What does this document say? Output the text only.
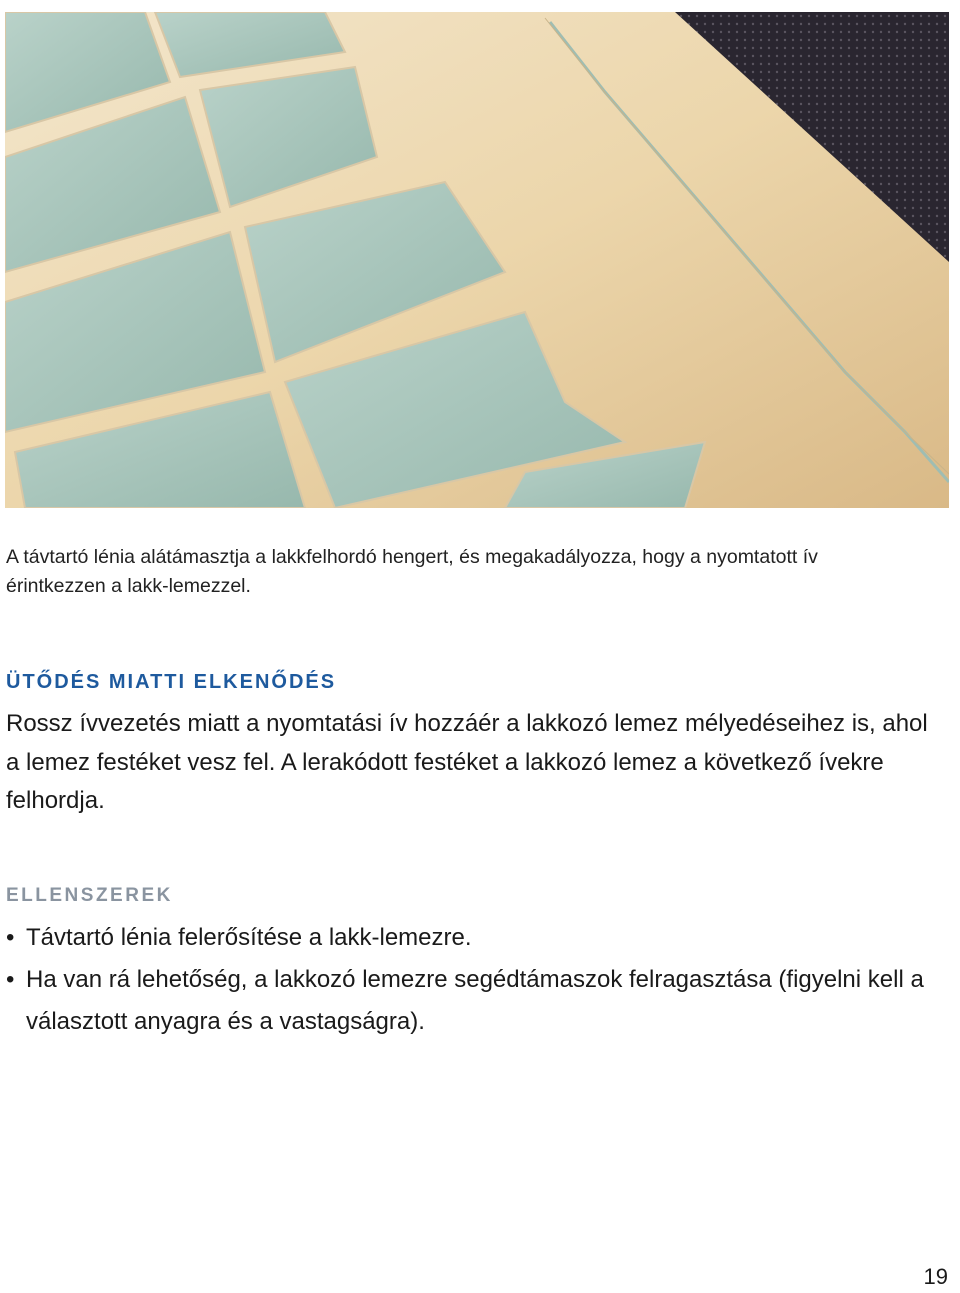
A távtartó lénia alátámasztja a lakkfelhordó hengert, és megakadályozza, hogy a nyomtatott ív érintkezzen a lakk-lemezzel.
ÜTŐDÉS MIATTI ELKENŐDÉS

Rossz ívvezetés miatt a nyomtatási ív hozzáér a lakkozó lemez mélyedéseihez is, ahol a lemez festéket vesz fel. A lerakódott festéket a lakkozó lemez a következő ívekre felhordja.

ELLENSZEREK
• Távtartó lénia felerősítése a lakk-lemezre.
• Ha van rá lehetőség, a lakkozó lemezre segédtámaszok felragasztása (figyelni kell a választott anyagra és a vastagságra).
19
